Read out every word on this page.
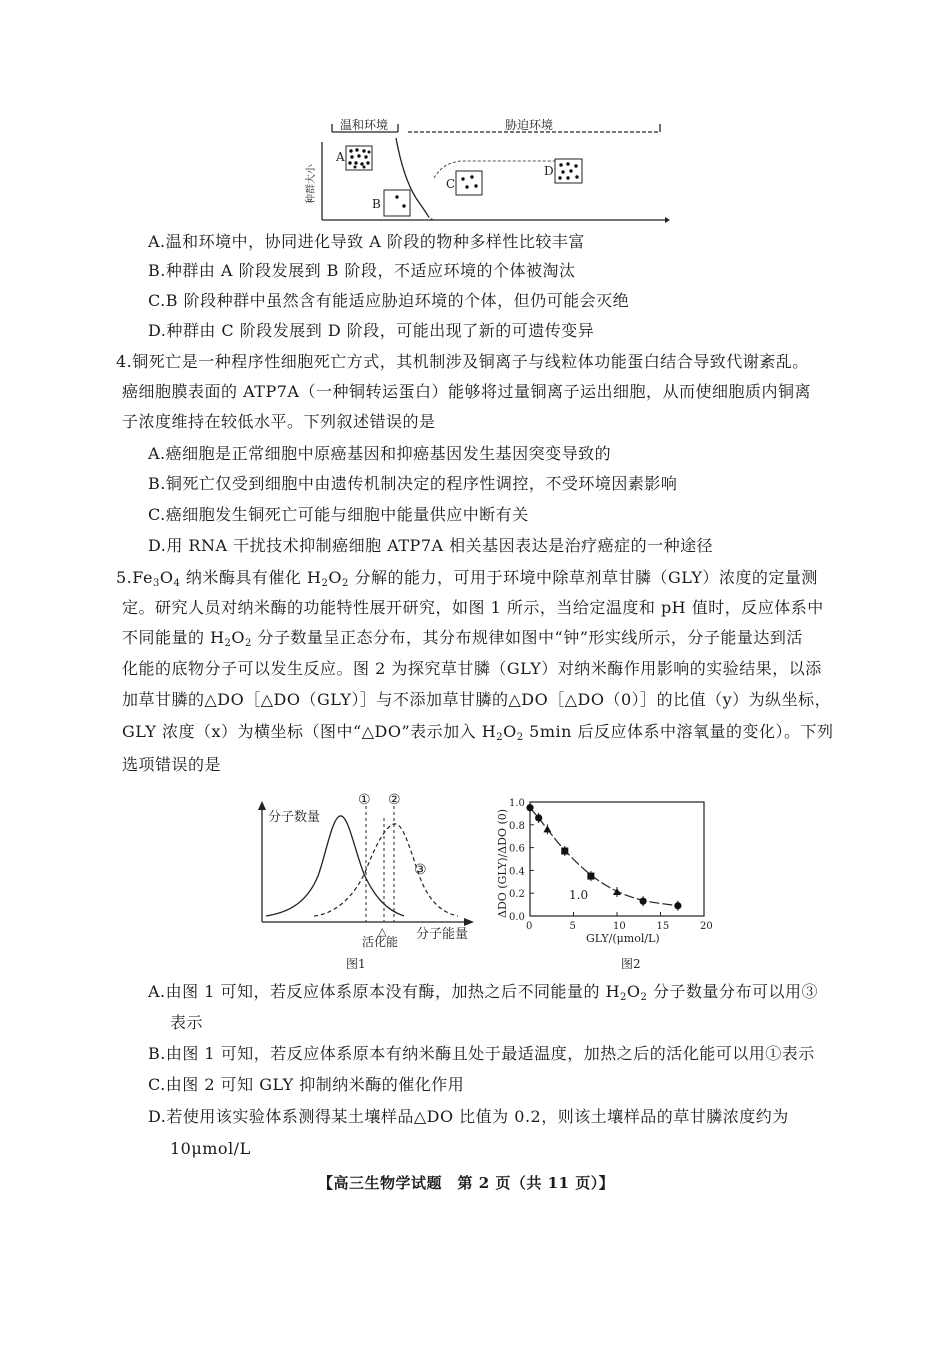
温和环境	胁迫环境
种群大小
A
B
C
D
A.温和环境中，协同进化导致 A 阶段的物种多样性比较丰富
B.种群由 A 阶段发展到 B 阶段，不适应环境的个体被淘汰
C.B 阶段种群中虽然含有能适应胁迫环境的个体，但仍可能会灭绝
D.种群由 C 阶段发展到 D 阶段，可能出现了新的可遗传变异
4.铜死亡是一种程序性细胞死亡方式，其机制涉及铜离子与线粒体功能蛋白结合导致代谢紊乱。
癌细胞膜表面的 ATP7A（一种铜转运蛋白）能够将过量铜离子运出细胞，从而使细胞质内铜离
子浓度维持在较低水平。下列叙述错误的是
A.癌细胞是正常细胞中原癌基因和抑癌基因发生基因突变导致的
B.铜死亡仅受到细胞中由遗传机制决定的程序性调控，不受环境因素影响
C.癌细胞发生铜死亡可能与细胞中能量供应中断有关
D.用 RNA 干扰技术抑制癌细胞 ATP7A 相关基因表达是治疗癌症的一种途径
$5.Fe_3O_4$ 纳米酶具有催化 $H_2O_2$ 分解的能力，可用于环境中除草剂草甘膦（GLY）浓度的定量测
定。研究人员对纳米酶的功能特性展开研究，如图 1 所示，当给定温度和 pH 值时，反应体系中
不同能量的 $H_2O_2$ 分子数量呈正态分布，其分布规律如图中“钟”形实线所示，分子能量达到活
化能的底物分子可以发生反应。图 2 为探究草甘膦（GLY）对纳米酶作用影响的实验结果，以添
加草甘膦的△DO［△DO（GLY）］与不添加草甘膦的△DO［△DO（0）］的比值（y）为纵坐标，
GLY 浓度（x）为横坐标（图中“△DO”表示加入 $H_2O_2$ 5min 后反应体系中溶氧量的变化）。下列
选项错误的是
分子数量
① ②
③
△
活化能 分子能量
图1
ΔDO (GLY)/ΔDO (0)
0	5	10	15	20
0.0
0.2
0.4
0.6
0.8
1.0
1.0
GLY/(μmol/L)
图2
A.由图 1 可知，若反应体系原本没有酶，加热之后不同能量的 $H_2O_2$ 分子数量分布可以用③
表示
B.由图 1 可知，若反应体系原本有纳米酶且处于最适温度，加热之后的活化能可以用①表示
C.由图 2 可知 GLY 抑制纳米酶的催化作用
D.若使用该实验体系测得某土壤样品△DO 比值为 0.2，则该土壤样品的草甘膦浓度约为
10μmol/L
【高三生物学试题　第 2 页（共 11 页）】
